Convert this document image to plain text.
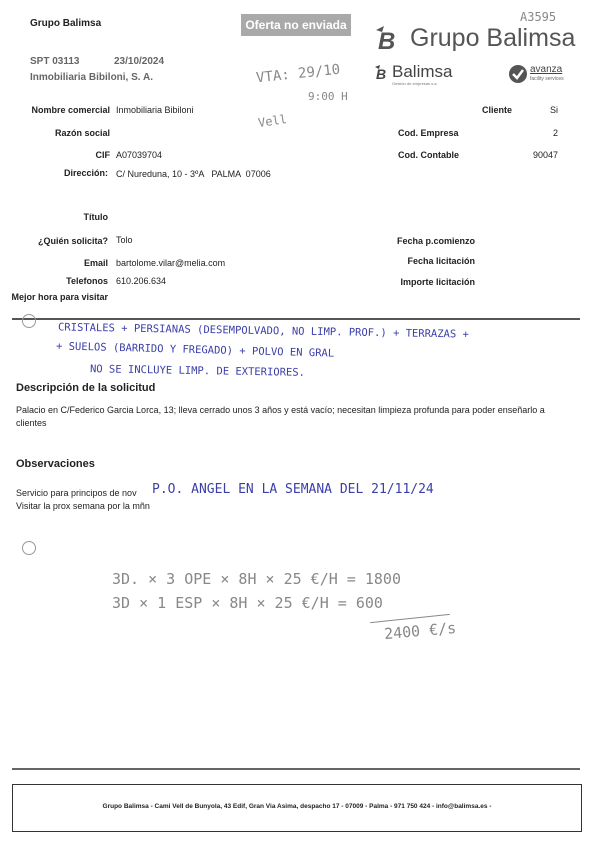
Grupo Balimsa
SPT 03113	23/10/2024
Inmobiliaria Bibiloni, S. A.
Oferta no enviada
A3595
B Grupo Balimsa
B Balimsa
Gestión de empresas s.a.
avanza
facility services
VTA: 29/10
9:00 H
Vell
Nombre comercial Inmobiliaria Bibiloni
Razón social
CIF A07039704
Dirección: C/ Nureduna, 10 - 3ºA   PALMA  07006
Cliente	Si
Cod. Empresa	2
Cod. Contable	90047
Título
¿Quién solicita? Tolo
Email bartolome.vilar@melia.com
Telefonos 610.206.634
Mejor hora para visitar
Fecha p.comienzo
Fecha licitación
Importe licitación
CRISTALES + PERSIANAS (DESEMPOLVADO, NO LIMP. PROF.) + TERRAZAS +
+ SUELOS (BARRIDO Y FREGADO) + POLVO EN GRAL
NO SE INCLUYE LIMP. DE EXTERIORES.
Descripción de la solicitud
Palacio en C/Federico Garcia Lorca, 13; lleva cerrado unos 3 años y está vacío; necesitan limpieza profunda para poder enseñarlo a clientes
Observaciones
Servicio para principos de nov
Visitar la prox semana por la mñn
P.O. ANGEL EN LA SEMANA DEL 21/11/24
3D. × 3 OPE × 8H × 25 €/H = 1800
3D × 1 ESP × 8H × 25 €/H = 600
2400 €/s
Grupo Balimsa - Cami Vell de Bunyola, 43 Edif, Gran Via Asima, despacho 17 - 07009 - Palma - 971 750 424 - info@balimsa.es -
